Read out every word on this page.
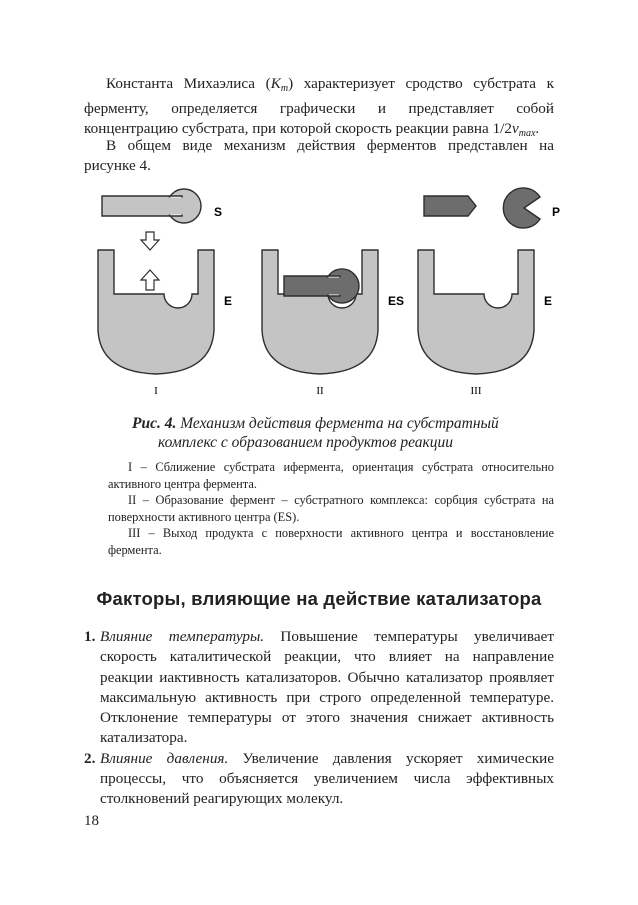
Константа Михаэлиса $(K_m)$ характеризует сродство субстрата к ферменту, определяется графически и представляет собой концентрацию субстрата, при которой скорость реакции равна $1/2v_{max}$.
В общем виде механизм действия ферментов представлен на рисунке 4.
S
E	ES
P
E
I	II	III
Рис. 4. Механизм действия фермента на субстратный
комплекс с образованием продуктов реакции

I – Сближение субстрата ифермента, ориентация субстрата относительно активного центра фермента.

II – Образование фермент – субстратного комплекса: сорбция субстрата на поверхности активного центра (ES).

III – Выход продукта с поверхности активного центра и восстановление фермента.

Факторы, влияющие на действие катализатора
1. Влияние температуры. Повышение температуры увеличивает скорость каталитической реакции, что влияет на направление реакции иактивность катализаторов. Обычно катализатор проявляет максимальную активность при строго определенной температуре. Отклонение температуры от этого значения снижает активность катализатора.
2. Влияние давления. Увеличение давления ускоряет химические процессы, что объясняется увеличением числа эффективных столкновений реагирующих молекул.
18
